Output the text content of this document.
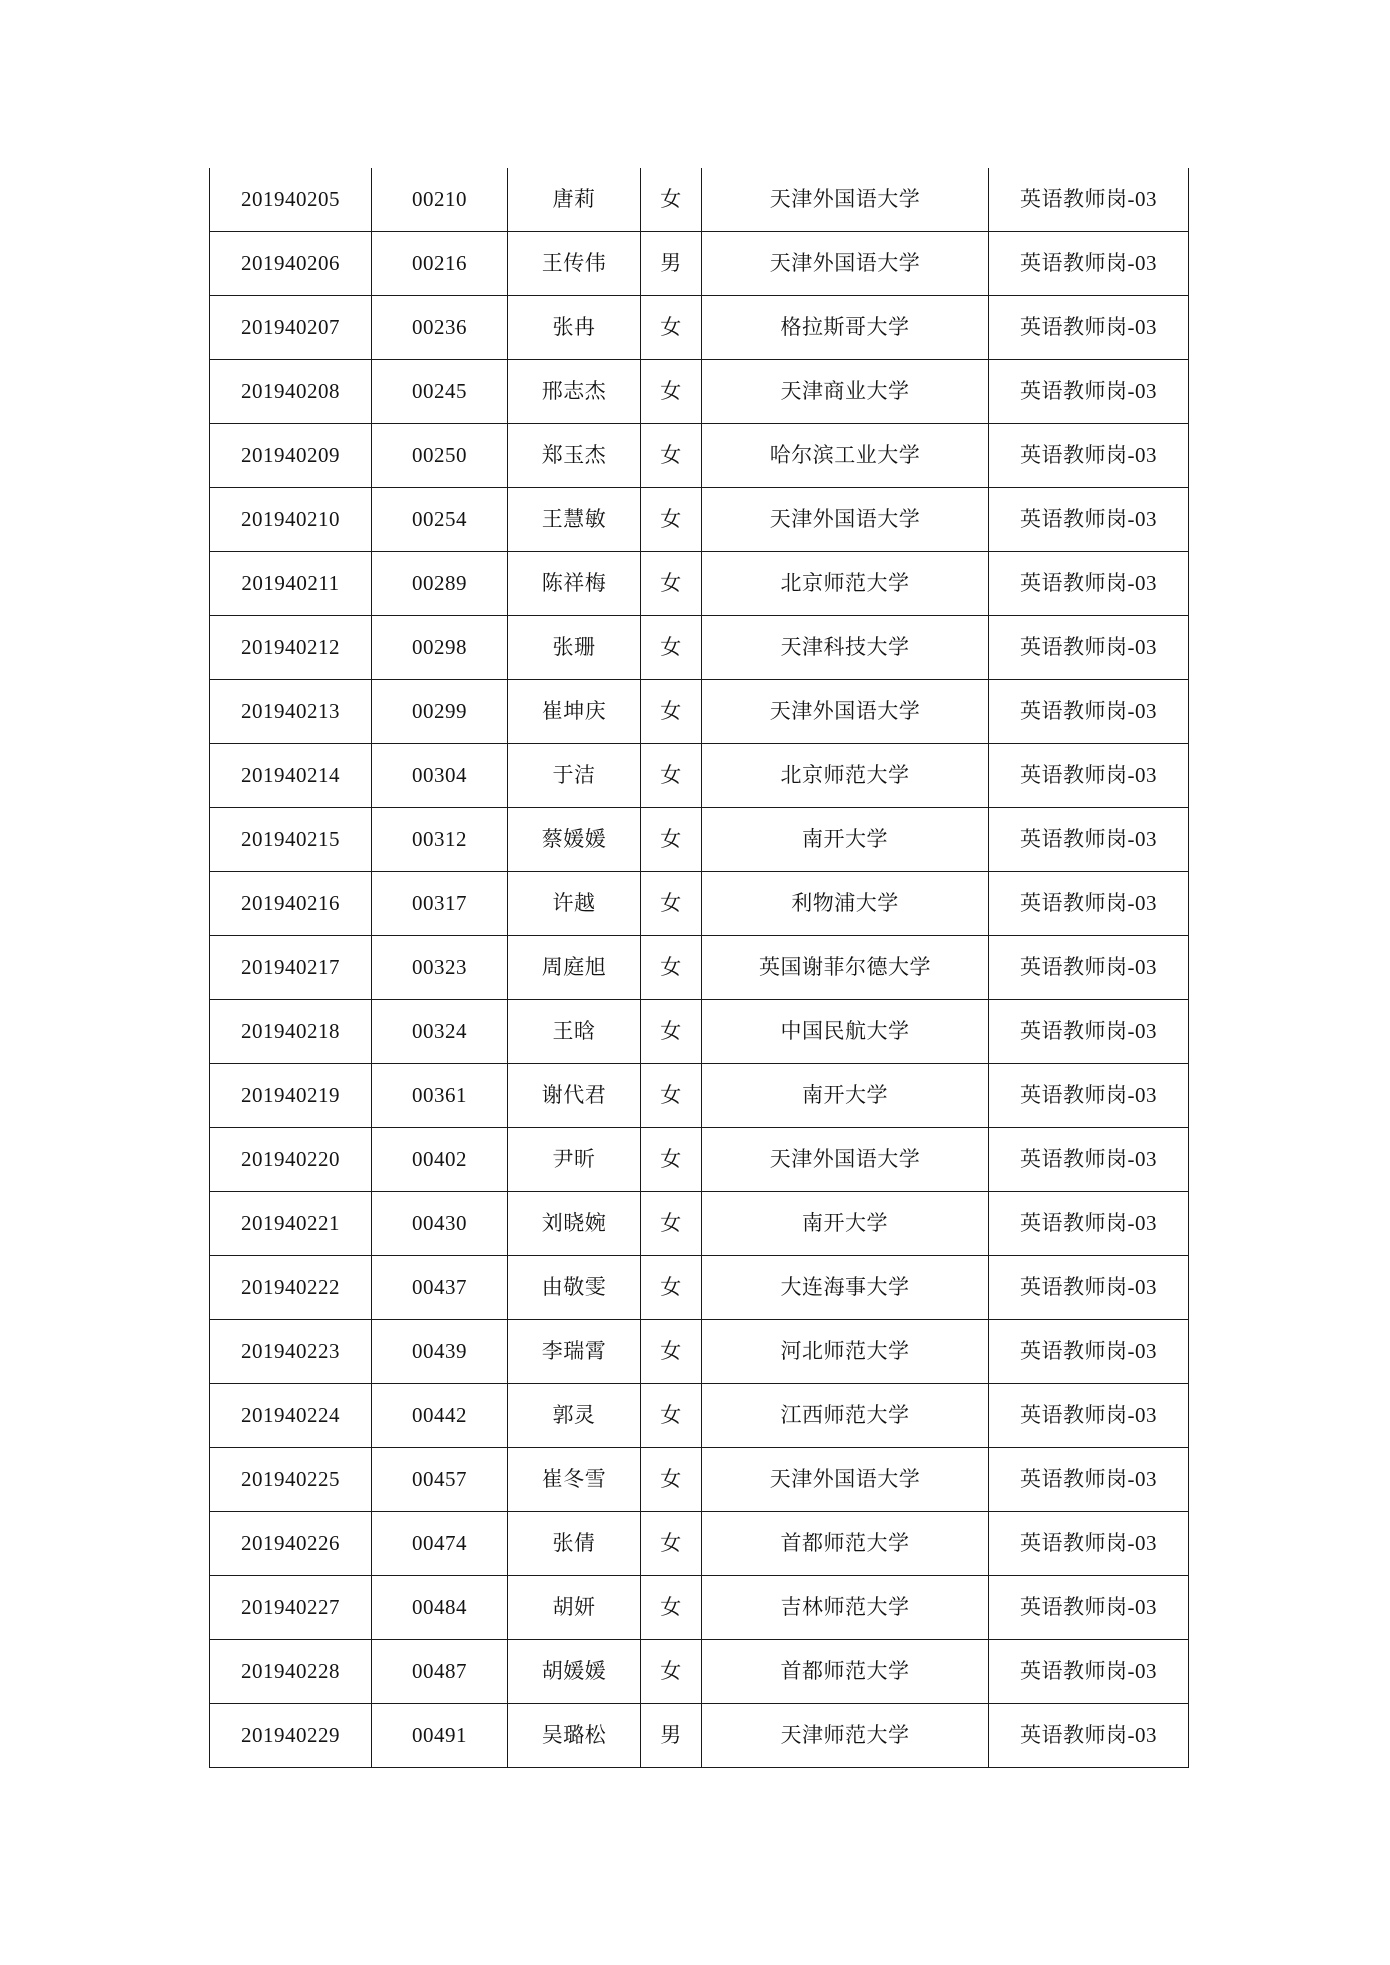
201940205	00210	唐莉	女	天津外国语大学	英语教师岗-03
201940206	00216	王传伟	男	天津外国语大学	英语教师岗-03
201940207	00236	张冉	女	格拉斯哥大学	英语教师岗-03
201940208	00245	邢志杰	女	天津商业大学	英语教师岗-03
201940209	00250	郑玉杰	女	哈尔滨工业大学	英语教师岗-03
201940210	00254	王慧敏	女	天津外国语大学	英语教师岗-03
201940211	00289	陈祥梅	女	北京师范大学	英语教师岗-03
201940212	00298	张珊	女	天津科技大学	英语教师岗-03
201940213	00299	崔坤庆	女	天津外国语大学	英语教师岗-03
201940214	00304	于洁	女	北京师范大学	英语教师岗-03
201940215	00312	蔡媛媛	女	南开大学	英语教师岗-03
201940216	00317	许越	女	利物浦大学	英语教师岗-03
201940217	00323	周庭旭	女	英国谢菲尔德大学	英语教师岗-03
201940218	00324	王晗	女	中国民航大学	英语教师岗-03
201940219	00361	谢代君	女	南开大学	英语教师岗-03
201940220	00402	尹昕	女	天津外国语大学	英语教师岗-03
201940221	00430	刘晓婉	女	南开大学	英语教师岗-03
201940222	00437	由敬雯	女	大连海事大学	英语教师岗-03
201940223	00439	李瑞霄	女	河北师范大学	英语教师岗-03
201940224	00442	郭灵	女	江西师范大学	英语教师岗-03
201940225	00457	崔冬雪	女	天津外国语大学	英语教师岗-03
201940226	00474	张倩	女	首都师范大学	英语教师岗-03
201940227	00484	胡妍	女	吉林师范大学	英语教师岗-03
201940228	00487	胡媛媛	女	首都师范大学	英语教师岗-03
201940229	00491	吴璐松	男	天津师范大学	英语教师岗-03
